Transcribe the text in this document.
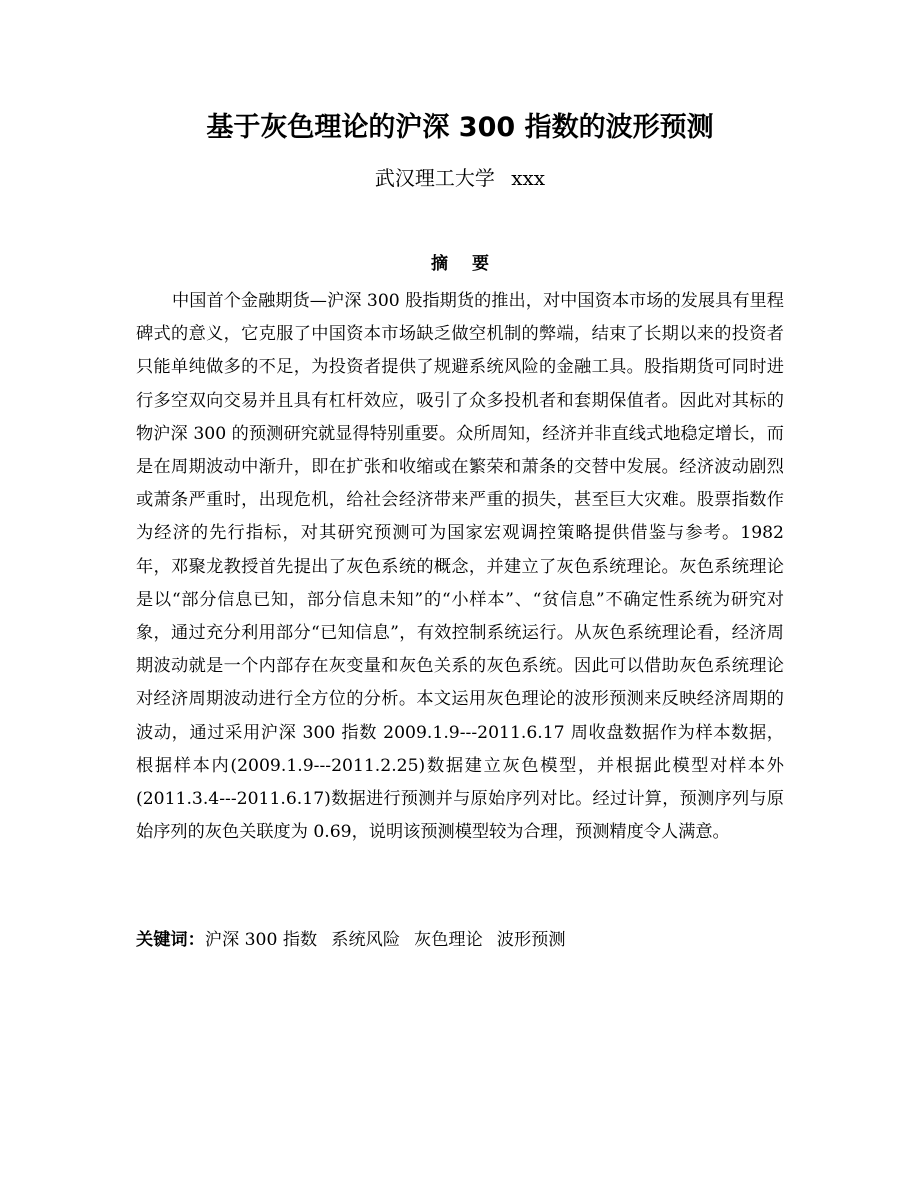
基于灰色理论的沪深 300 指数的波形预测
武汉理工大学 xxx
摘要

中国首个金融期货—沪深 300 股指期货的推出，对中国资本市场的发展具有里程碑式的意义，它克服了中国资本市场缺乏做空机制的弊端，结束了长期以来的投资者只能单纯做多的不足，为投资者提供了规避系统风险的金融工具。股指期货可同时进行多空双向交易并且具有杠杆效应，吸引了众多投机者和套期保值者。因此对其标的物沪深 300 的预测研究就显得特别重要。众所周知，经济并非直线式地稳定增长，而是在周期波动中渐升，即在扩张和收缩或在繁荣和萧条的交替中发展。经济波动剧烈或萧条严重时，出现危机，给社会经济带来严重的损失，甚至巨大灾难。股票指数作为经济的先行指标，对其研究预测可为国家宏观调控策略提供借鉴与参考。1982 年，邓聚龙教授首先提出了灰色系统的概念，并建立了灰色系统理论。灰色系统理论是以“部分信息已知，部分信息未知”的“小样本”、“贫信息”不确定性系统为研究对象，通过充分利用部分“已知信息”，有效控制系统运行。从灰色系统理论看，经济周期波动就是一个内部存在灰变量和灰色关系的灰色系统。因此可以借助灰色系统理论对经济周期波动进行全方位的分析。本文运用灰色理论的波形预测来反映经济周期的波动，通过采用沪深 300 指数 2009.1.9---2011.6.17 周收盘数据作为样本数据，根据样本内(2009.1.9---2011.2.25)数据建立灰色模型，并根据此模型对样本外(2011.3.4---2011.6.17)数据进行预测并与原始序列对比。经过计算，预测序列与原始序列的灰色关联度为 0.69，说明该预测模型较为合理，预测精度令人满意。

关键词：沪深 300 指数 系统风险 灰色理论 波形预测
